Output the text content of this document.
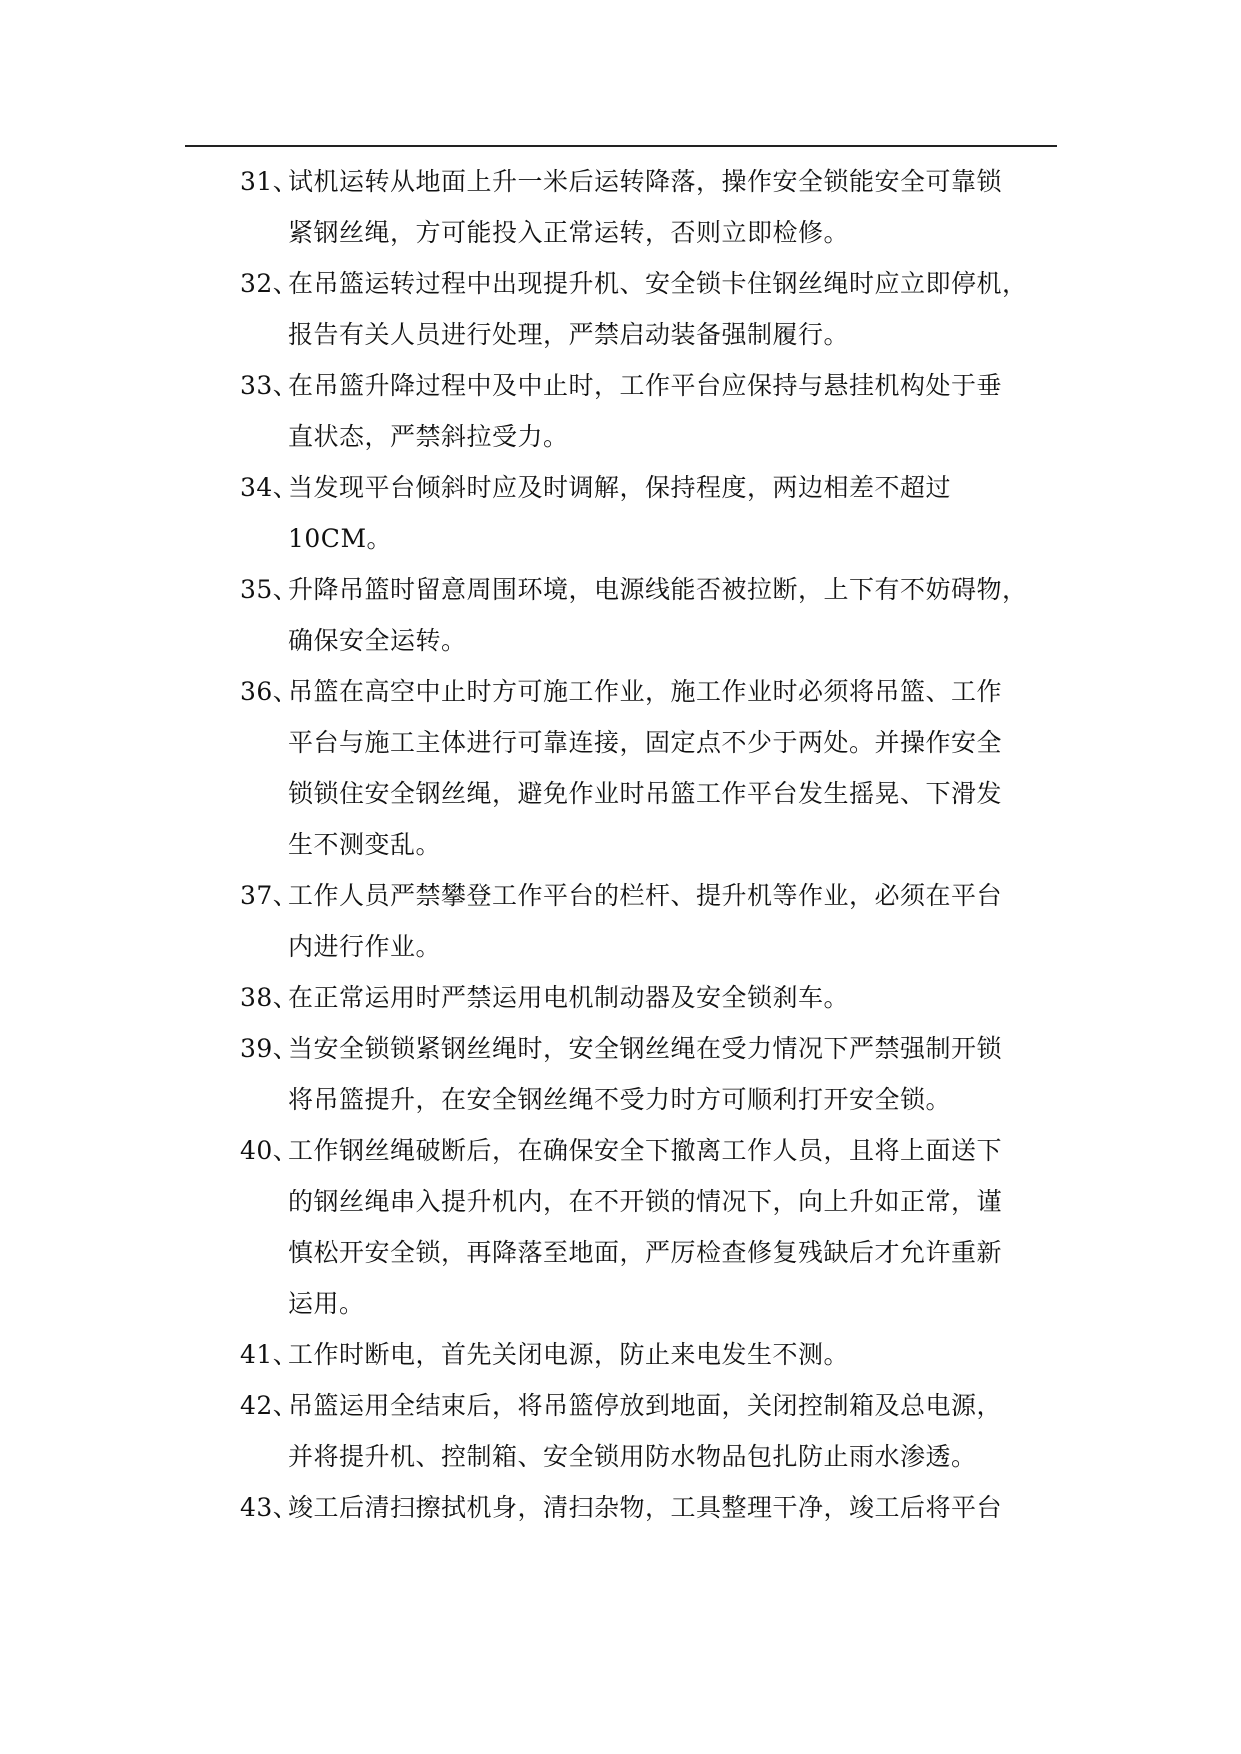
31、
试机运转从地面上升一米后运转降落，操作安全锁能安全可靠锁
紧钢丝绳，方可能投入正常运转，否则立即检修。
32、
在吊篮运转过程中出现提升机、安全锁卡住钢丝绳时应立即停机，
报告有关人员进行处理，严禁启动装备强制履行。
33、
在吊篮升降过程中及中止时，工作平台应保持与悬挂机构处于垂
直状态，严禁斜拉受力。
34、
当发现平台倾斜时应及时调解，保持程度，两边相差不超过
10CM。
35、
升降吊篮时留意周围环境，电源线能否被拉断，上下有不妨碍物，
确保安全运转。
36、
吊篮在高空中止时方可施工作业，施工作业时必须将吊篮、工作
平台与施工主体进行可靠连接，固定点不少于两处。并操作安全
锁锁住安全钢丝绳，避免作业时吊篮工作平台发生摇晃、下滑发
生不测变乱。
37、
工作人员严禁攀登工作平台的栏杆、提升机等作业，必须在平台
内进行作业。
38、
在正常运用时严禁运用电机制动器及安全锁刹车。
39、
当安全锁锁紧钢丝绳时，安全钢丝绳在受力情况下严禁强制开锁
将吊篮提升，在安全钢丝绳不受力时方可顺利打开安全锁。
40、
工作钢丝绳破断后，在确保安全下撤离工作人员，且将上面送下
的钢丝绳串入提升机内，在不开锁的情况下，向上升如正常，谨
慎松开安全锁，再降落至地面，严厉检查修复残缺后才允许重新
运用。
41、
工作时断电，首先关闭电源，防止来电发生不测。
42、
吊篮运用全结束后，将吊篮停放到地面，关闭控制箱及总电源，
并将提升机、控制箱、安全锁用防水物品包扎防止雨水渗透。
43、
竣工后清扫擦拭机身，清扫杂物，工具整理干净，竣工后将平台
